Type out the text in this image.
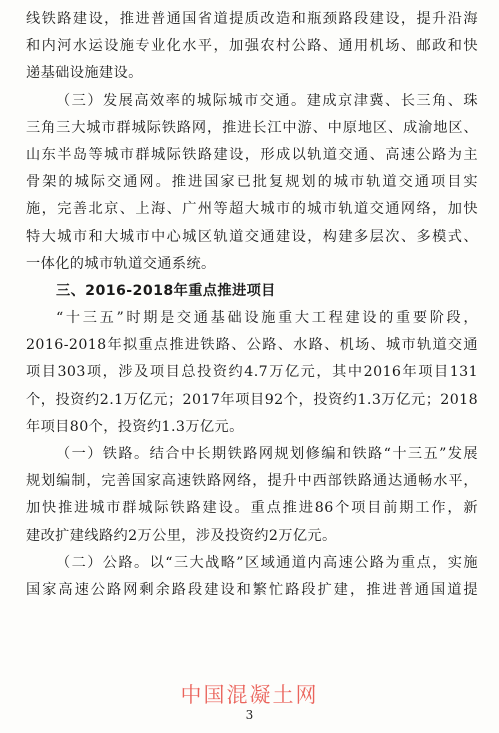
线铁路建设，推进普通国省道提质改造和瓶颈路段建设，提升沿海
和内河水运设施专业化水平，加强农村公路、通用机场、邮政和快
递基础设施建设。
（三）发展高效率的城际城市交通。建成京津冀、长三角、珠
三角三大城市群城际铁路网，推进长江中游、中原地区、成渝地区、
山东半岛等城市群城际铁路建设，形成以轨道交通、高速公路为主
骨架的城际交通网。推进国家已批复规划的城市轨道交通项目实
施，完善北京、上海、广州等超大城市的城市轨道交通网络，加快
特大城市和大城市中心城区轨道交通建设，构建多层次、多模式、
一体化的城市轨道交通系统。
三、2016-2018年重点推进项目
“十三五”时期是交通基础设施重大工程建设的重要阶段，
2016-2018年拟重点推进铁路、公路、水路、机场、城市轨道交通
项目303项，涉及项目总投资约4.7万亿元，其中2016年项目131
个，投资约2.1万亿元；2017年项目92个，投资约1.3万亿元；2018
年项目80个，投资约1.3万亿元。
（一）铁路。结合中长期铁路网规划修编和铁路“十三五”发展
规划编制，完善国家高速铁路网络，提升中西部铁路通达通畅水平，
加快推进城市群城际铁路建设。重点推进86个项目前期工作，新
建改扩建线路约2万公里，涉及投资约2万亿元。
（二）公路。以“三大战略”区域通道内高速公路为重点，实施
国家高速公路网剩余路段建设和繁忙路段扩建，推进普通国道提
中国混凝土网
3
